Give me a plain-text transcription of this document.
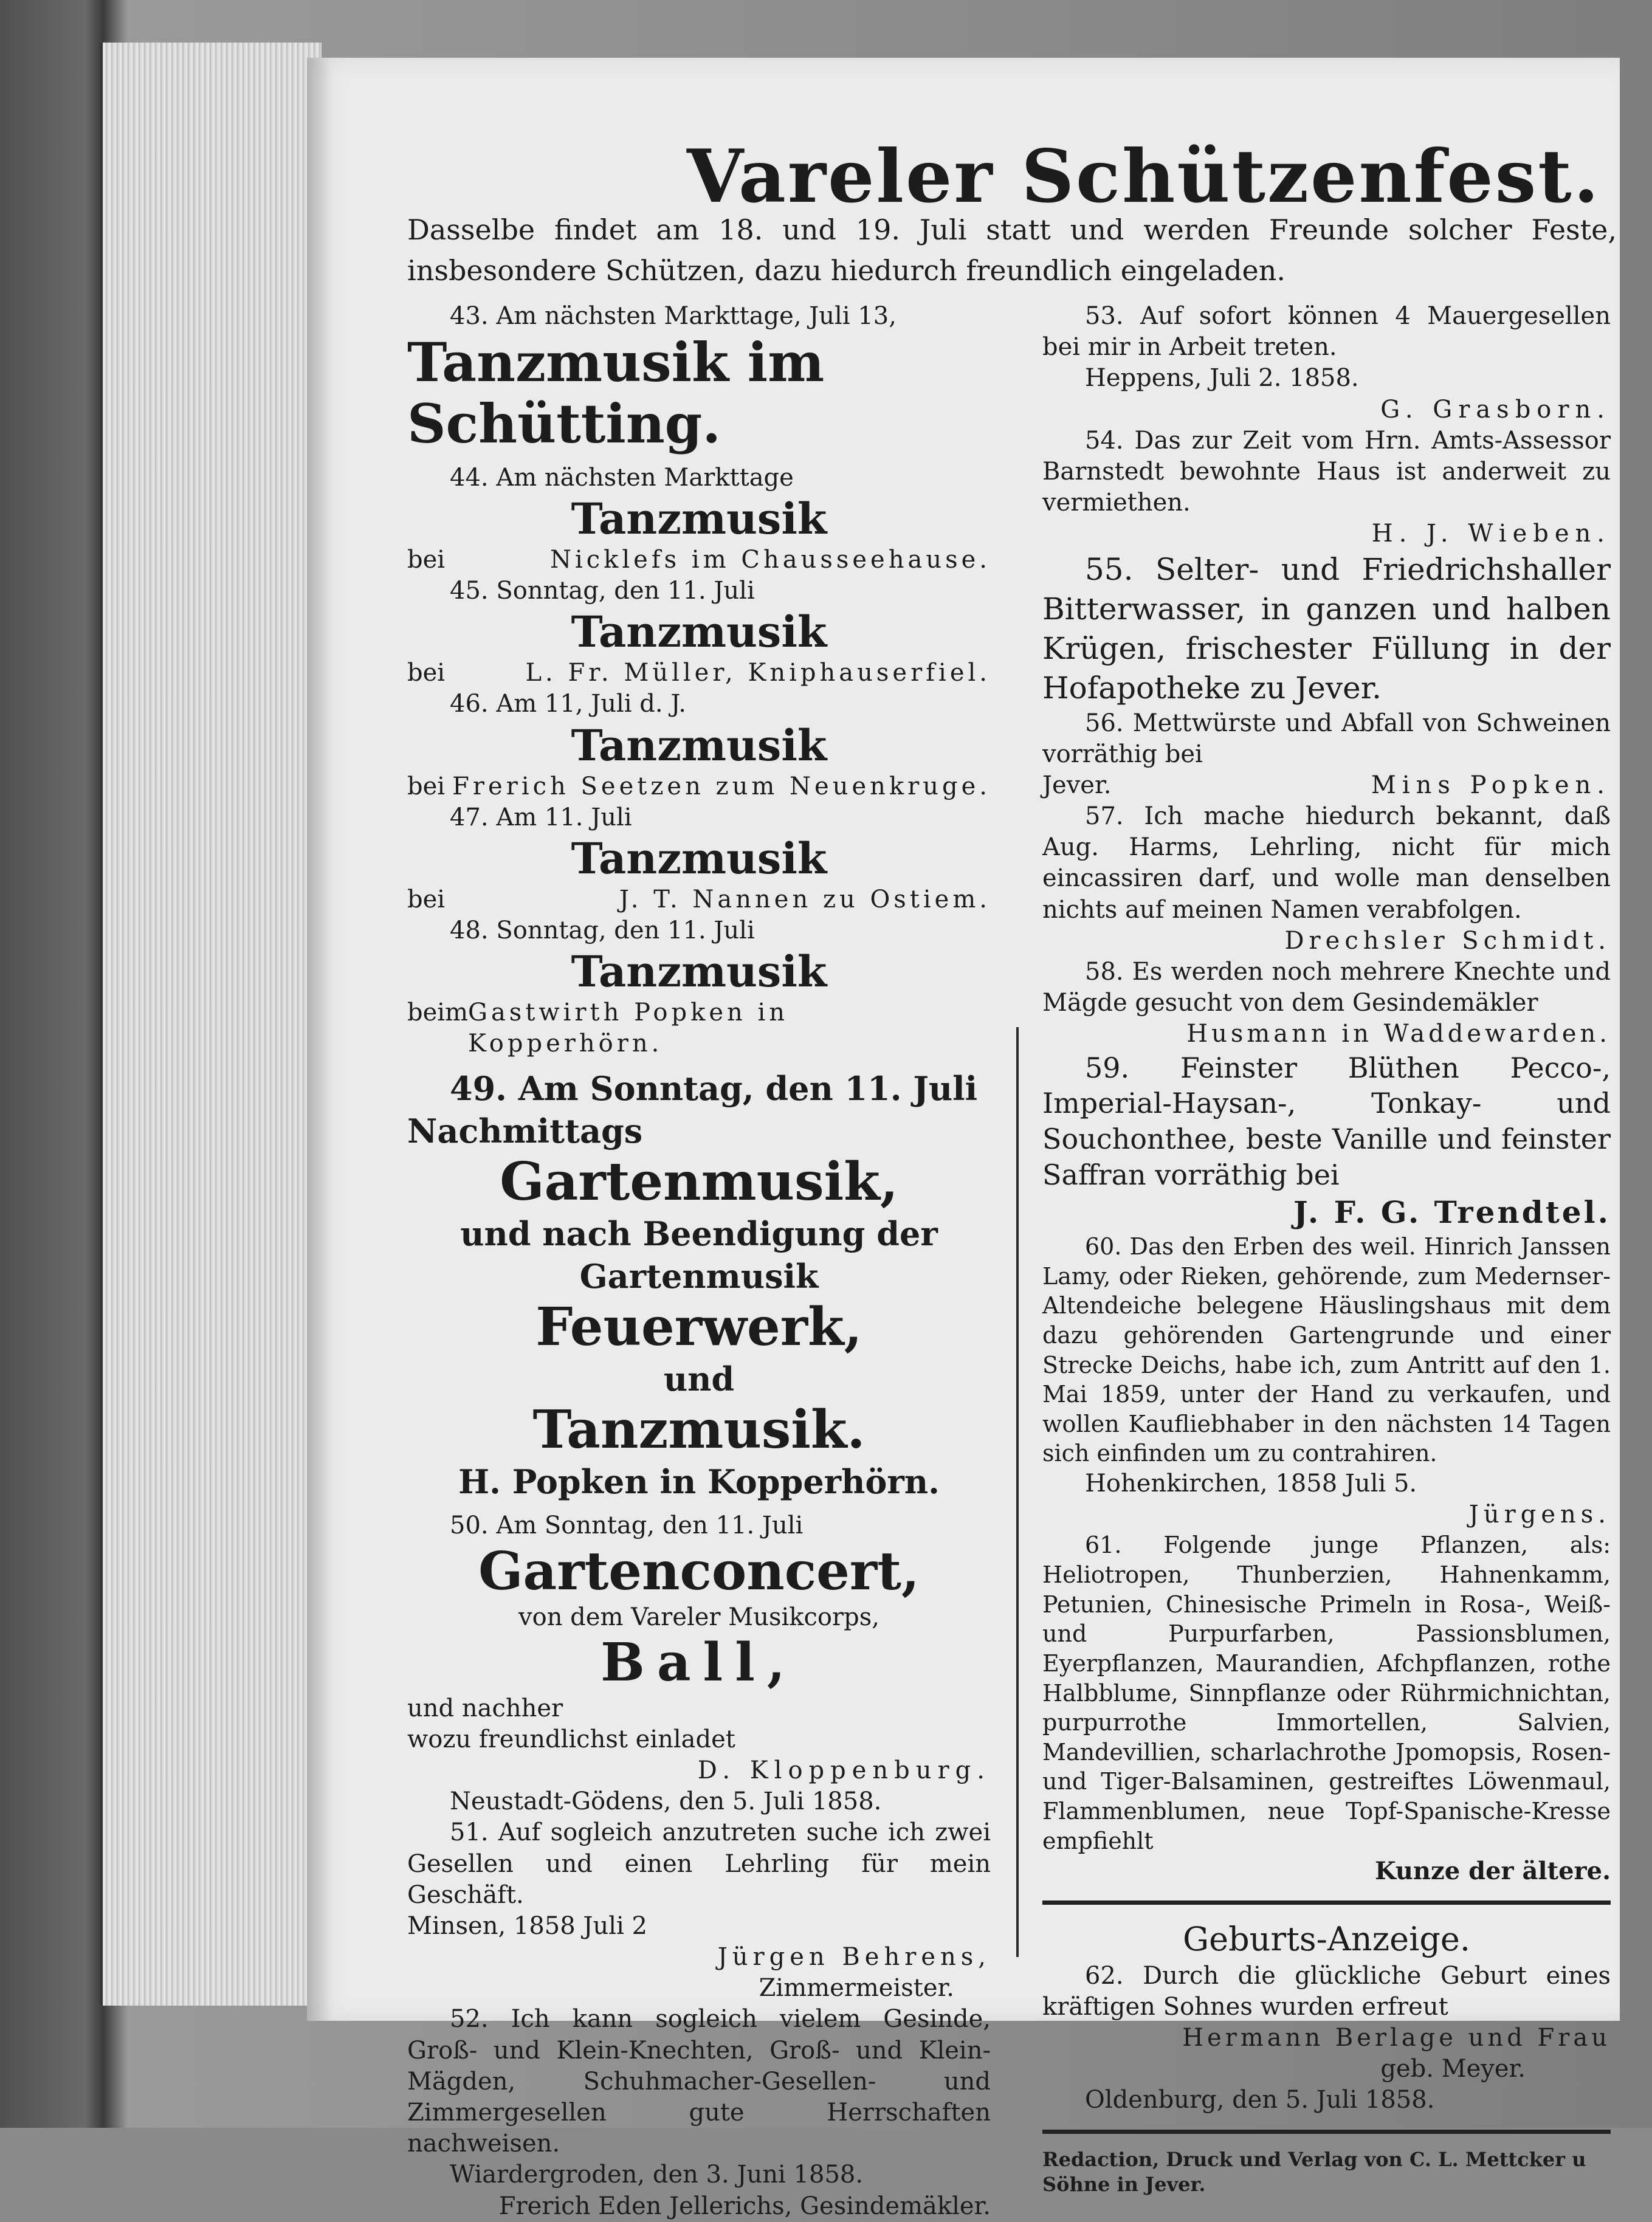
Vareler Schützenfest.
Dasselbe findet am 18. und 19. Juli statt und werden Freunde solcher Feste, insbesondere Schützen, dazu hiedurch freundlich eingeladen.
43. Am nächsten Markttage, Juli 13,
Tanzmusik im Schütting.
44. Am nächsten Markttage
Tanzmusik
bei	Nicklefs im Chausseehause.
45. Sonntag, den 11. Juli
Tanzmusik
bei	L. Fr. Müller, Kniphauserfiel.
46. Am 11, Juli d. J.
Tanzmusik
bei Frerich Seetzen zum Neuenkruge.
47. Am 11. Juli
Tanzmusik
bei	J. T. Nannen zu Ostiem.
48. Sonntag, den 11. Juli
Tanzmusik
beim Gastwirth Popken in Kopperhörn.
49. Am Sonntag, den 11. Juli
Nachmittags
Gartenmusik,
und nach Beendigung der Gartenmusik
Feuerwerk,
und
Tanzmusik.
H. Popken in Kopperhörn.
50. Am Sonntag, den 11. Juli
Gartenconcert,
von dem Vareler Musikcorps,
Ball,
und nachher
wozu freundlichst einladet
D. Kloppenburg.
Neustadt-Gödens, den 5. Juli 1858.
51. Auf sogleich anzutreten suche ich zwei Gesellen und einen Lehrling für mein Geschäft.
Minsen, 1858 Juli 2
Jürgen Behrens,
Zimmermeister.
52. Ich kann sogleich vielem Gesinde, Groß- und Klein-Knechten, Groß- und Klein-Mägden, Schuhmacher-Gesellen- und Zimmergesellen gute Herrschaften nachweisen.
Wiardergroden, den 3. Juni 1858.
Frerich Eden Jellerichs, Gesindemäkler.
53. Auf sofort können 4 Mauergesellen bei mir in Arbeit treten.
Heppens, Juli 2. 1858.
G. Grasborn.
54. Das zur Zeit vom Hrn. Amts-Assessor Barnstedt bewohnte Haus ist anderweit zu vermiethen.
H. J. Wieben.
55. Selter- und Friedrichshaller Bitterwasser, in ganzen und halben Krügen, frischester Füllung in der Hofapotheke zu Jever.
56. Mettwürste und Abfall von Schweinen vorräthig bei
Jever.	Mins Popken.
57. Ich mache hiedurch bekannt, daß Aug. Harms, Lehrling, nicht für mich eincassiren darf, und wolle man denselben nichts auf meinen Namen verabfolgen.
Drechsler Schmidt.
58. Es werden noch mehrere Knechte und Mägde gesucht von dem Gesindemäkler
Husmann in Waddewarden.
59. Feinster Blüthen Pecco-, Imperial-Haysan-, Tonkay- und Souchonthee, beste Vanille und feinster Saffran vorräthig bei
J. F. G. Trendtel.
60. Das den Erben des weil. Hinrich Janssen Lamy, oder Rieken, gehörende, zum Medernser-Altendeiche belegene Häuslingshaus mit dem dazu gehörenden Gartengrunde und einer Strecke Deichs, habe ich, zum Antritt auf den 1. Mai 1859, unter der Hand zu verkaufen, und wollen Kaufliebhaber in den nächsten 14 Tagen sich einfinden um zu contrahiren.
Hohenkirchen, 1858 Juli 5.
Jürgens.
61. Folgende junge Pflanzen, als: Heliotropen, Thunberzien, Hahnenkamm, Petunien, Chinesische Primeln in Rosa-, Weiß- und Purpurfarben, Passionsblumen, Eyerpflanzen, Maurandien, Afchpflanzen, rothe Halbblume, Sinnpflanze oder Rührmichnichtan, purpurrothe Immortellen, Salvien, Mandevillien, scharlachrothe Jpomopsis, Rosen- und Tiger-Balsaminen, gestreiftes Löwenmaul, Flammenblumen, neue Topf-Spanische-Kresse empfiehlt
Kunze der ältere.
Geburts-Anzeige.
62. Durch die glückliche Geburt eines kräftigen Sohnes wurden erfreut
Hermann Berlage und Frau
geb. Meyer.
Oldenburg, den 5. Juli 1858.
Redaction, Druck und Verlag von C. L. Mettcker u Söhne in Jever.
